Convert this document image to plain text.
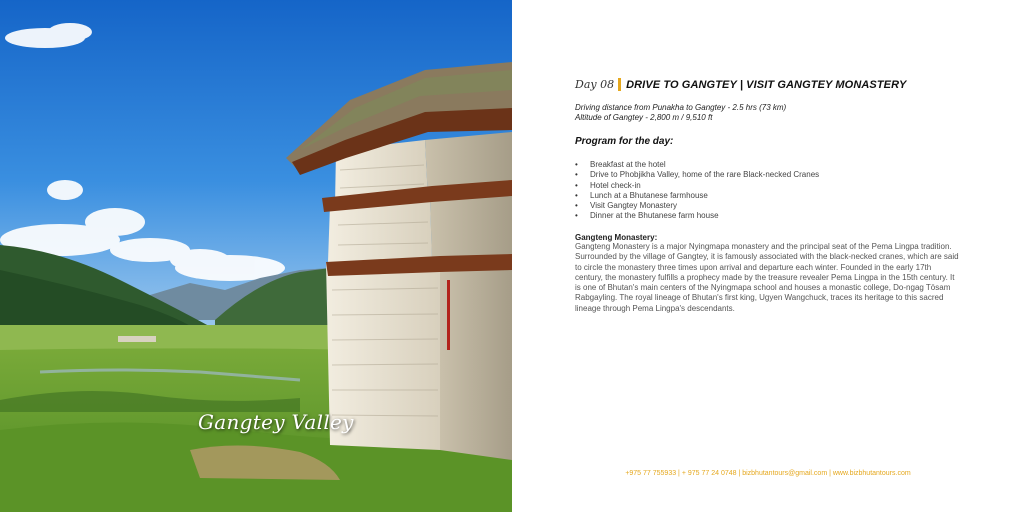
Gangtey Valley
Day 08 DRIVE TO GANGTEY | VISIT GANGTEY MONASTERY
Driving distance from Punakha to Gangtey - 2.5 hrs (73 km)
Altitude of Gangtey - 2,800 m / 9,510 ft
Program for the day:
• Breakfast at the hotel
• Drive to Phobjikha Valley, home of the rare Black-necked Cranes
• Hotel check-in
• Lunch at a Bhutanese farmhouse
• Visit Gangtey Monastery
• Dinner at the Bhutanese farm house
Gangteng Monastery:
Gangteng Monastery is a major Nyingmapa monastery and the principal seat of the Pema Lingpa tradition. Surrounded by the village of Gangtey, it is famously associated with the black-necked cranes, which are said to circle the monastery three times upon arrival and departure each winter. Founded in the early 17th century, the monastery fulfills a prophecy made by the treasure revealer Pema Lingpa in the 15th century. It is one of Bhutan's main centers of the Nyingmapa school and houses a monastic college, Do-ngag Tösam Rabgayling. The royal lineage of Bhutan's first king, Ugyen Wangchuck, traces its heritage to this sacred lineage through Pema Lingpa's descendants.
+975 77 755933 | + 975 77 24 0748 | bizbhutantours@gmail.com | www.bizbhutantours.com
